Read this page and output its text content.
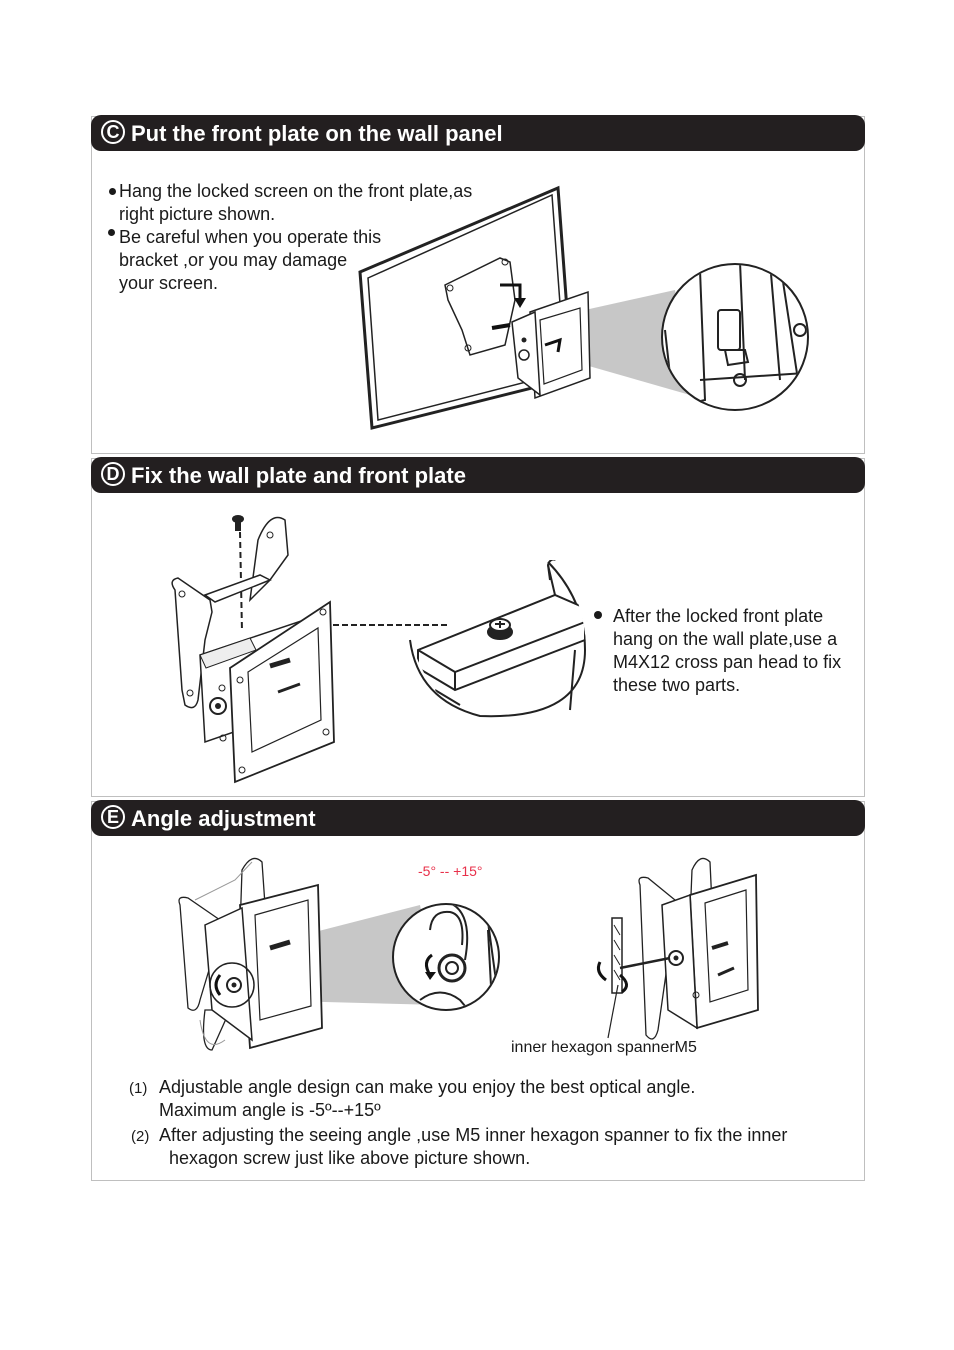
C Put the front plate on the wall panel
Hang the locked screen on the front plate,as
right picture shown.
Be careful when you operate this
bracket ,or you may damage
your screen.
D Fix the wall plate and front plate
After the locked front plate
hang on the wall plate,use a
M4X12 cross pan head to fix
these two parts.
E Angle adjustment
-5° -- +15°
inner hexagon spannerM5
(1) Adjustable angle design can make you enjoy the best optical angle.
Maximum angle is -5º--+15º
(2) After adjusting the seeing angle ,use M5 inner hexagon spanner to fix the inner
hexagon screw just like above picture shown.
